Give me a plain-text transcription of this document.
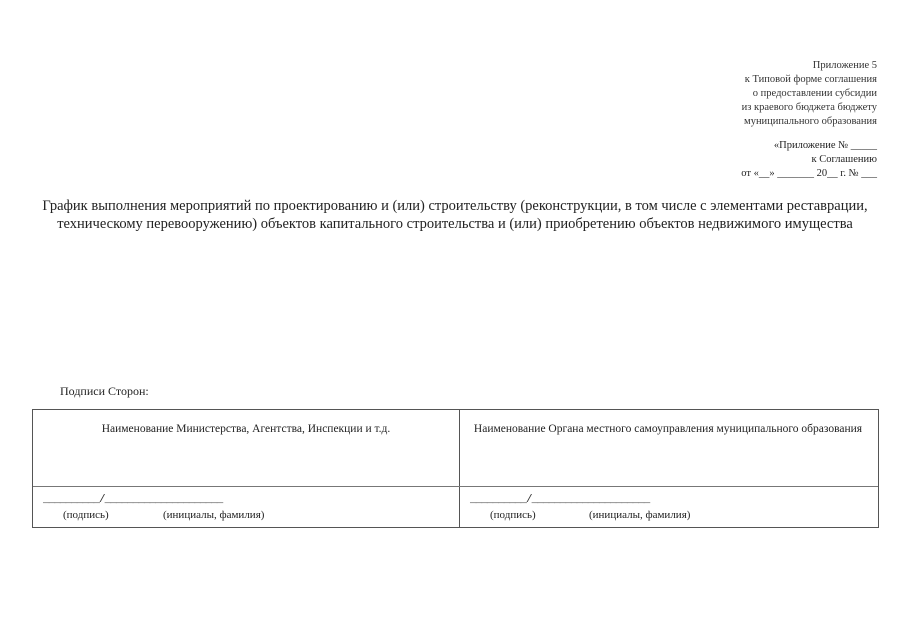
Приложение 5
к Типовой форме соглашения
о предоставлении субсидии
из краевого бюджета бюджету
муниципального образования
«Приложение № _____
к Соглашению
от «__» _______ 20__ г. № ___
График выполнения мероприятий по проектированию и (или) строительству (реконструкции, в том числе с элементами реставрации, техническому перевооружению) объектов капитального строительства и (или) приобретению объектов недвижимого имущества
Подписи Сторон:
Наименование Министерства, Агентства, Инспекции и т.д.	Наименование Органа местного самоуправления муниципального образования
__________/_____________________	__________/_____________________
(подпись)	(инициалы, фамилия)	(подпись)	(инициалы, фамилия)
